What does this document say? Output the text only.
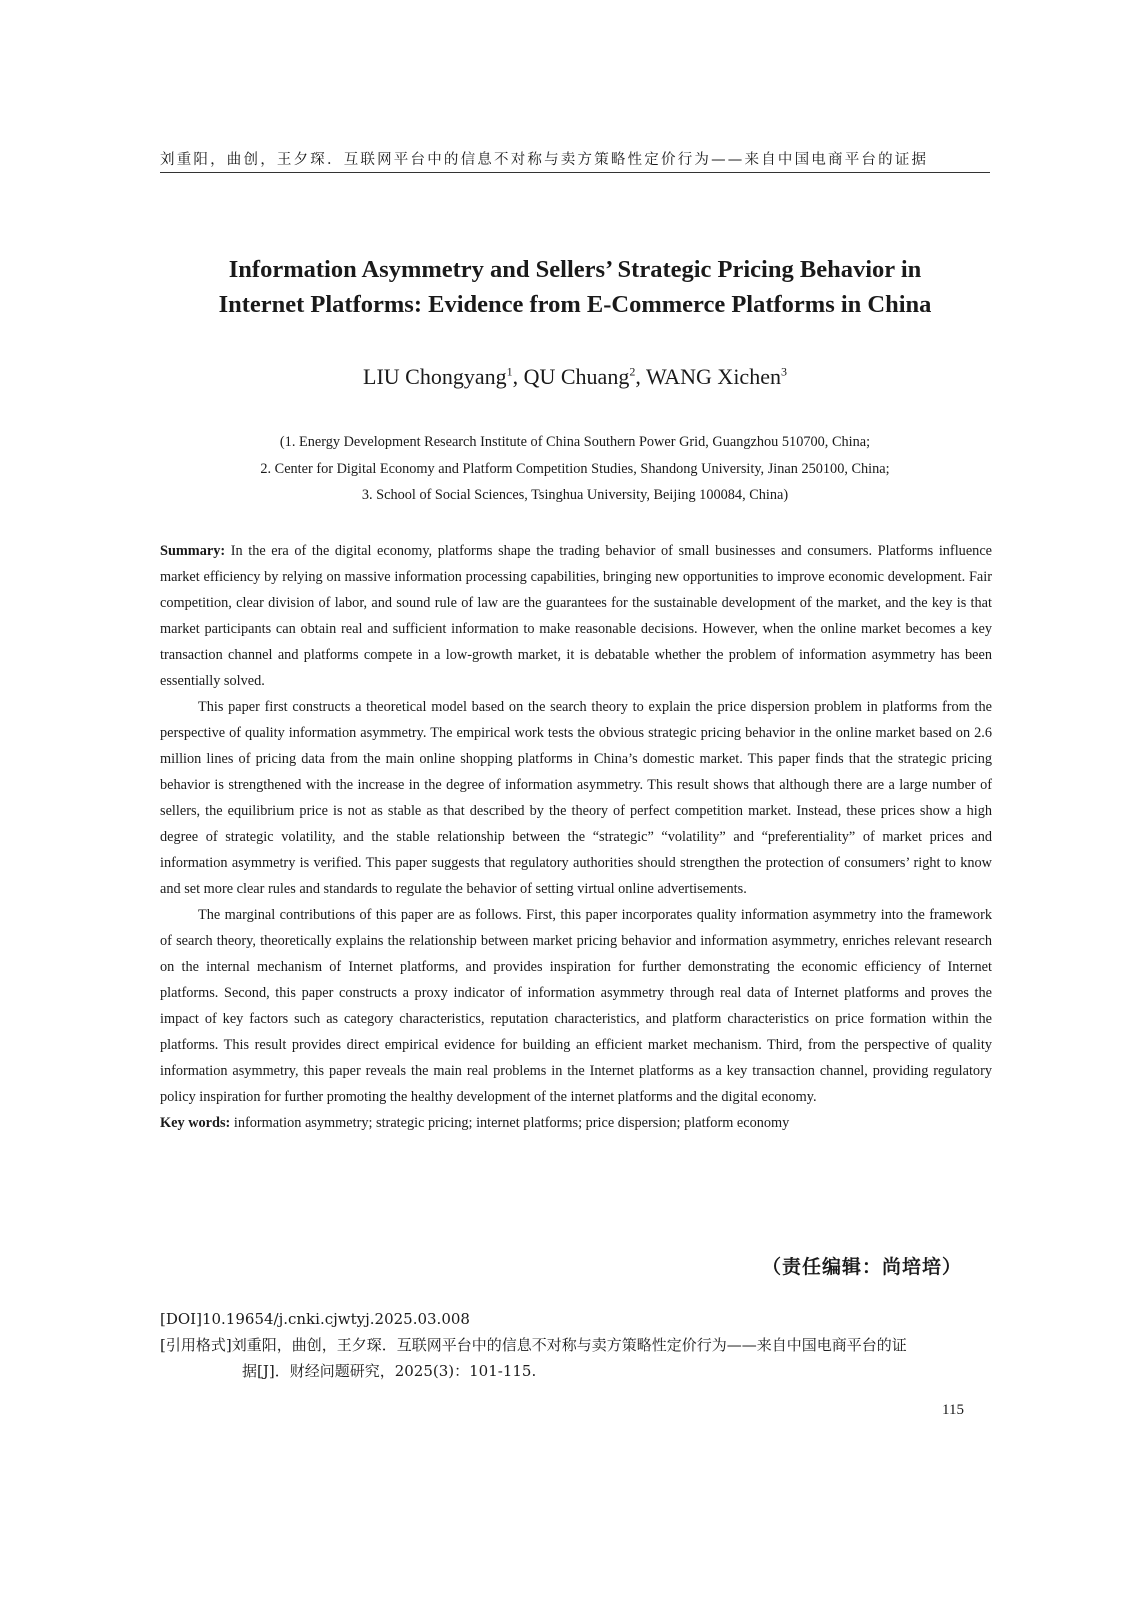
刘重阳，曲创，王夕琛．互联网平台中的信息不对称与卖方策略性定价行为——来自中国电商平台的证据
Information Asymmetry and Sellers’ Strategic Pricing Behavior in
Internet Platforms: Evidence from E-Commerce Platforms in China
LIU Chongyang$^1$, QU Chuang$^2$, WANG Xichen$^3$
(1. Energy Development Research Institute of China Southern Power Grid, Guangzhou 510700, China;
2. Center for Digital Economy and Platform Competition Studies, Shandong University, Jinan 250100, China;
3. School of Social Sciences, Tsinghua University, Beijing 100084, China)

Summary: In the era of the digital economy, platforms shape the trading behavior of small businesses and consumers. Platforms influence market efficiency by relying on massive information processing capabilities, bringing new opportunities to improve economic development. Fair competition, clear division of labor, and sound rule of law are the guarantees for the sustainable development of the market, and the key is that market participants can obtain real and sufficient information to make reasonable decisions. However, when the online market becomes a key transaction channel and platforms compete in a low-growth market, it is debatable whether the problem of information asymmetry has been essentially solved.

This paper first constructs a theoretical model based on the search theory to explain the price dispersion problem in platforms from the perspective of quality information asymmetry. The empirical work tests the obvious strategic pricing behavior in the online market based on 2.6 million lines of pricing data from the main online shopping platforms in China’s domestic market. This paper finds that the strategic pricing behavior is strengthened with the increase in the degree of information asymmetry. This result shows that although there are a large number of sellers, the equilibrium price is not as stable as that described by the theory of perfect competition market. Instead, these prices show a high degree of strategic volatility, and the stable relationship between the “strategic” “volatility” and “preferentiality” of market prices and information asymmetry is verified. This paper suggests that regulatory authorities should strengthen the protection of consumers’ right to know and set more clear rules and standards to regulate the behavior of setting virtual online advertisements.

The marginal contributions of this paper are as follows. First, this paper incorporates quality information asymmetry into the framework of search theory, theoretically explains the relationship between market pricing behavior and information asymmetry, enriches relevant research on the internal mechanism of Internet platforms, and provides inspiration for further demonstrating the economic efficiency of Internet platforms. Second, this paper constructs a proxy indicator of information asymmetry through real data of Internet platforms and proves the impact of key factors such as category characteristics, reputation characteristics, and platform characteristics on price formation within the platforms. This result provides direct empirical evidence for building an efficient market mechanism. Third, from the perspective of quality information asymmetry, this paper reveals the main real problems in the Internet platforms as a key transaction channel, providing regulatory policy inspiration for further promoting the healthy development of the internet platforms and the digital economy.

Key words: information asymmetry; strategic pricing; internet platforms; price dispersion; platform economy

（责任编辑：尚培培）
[DOI]10.19654/j.cnki.cjwtyj.2025.03.008
[引用格式]刘重阳，曲创，王夕琛．互联网平台中的信息不对称与卖方策略性定价行为——来自中国电商平台的证
据[J]．财经问题研究，2025(3)：101-115.
115
